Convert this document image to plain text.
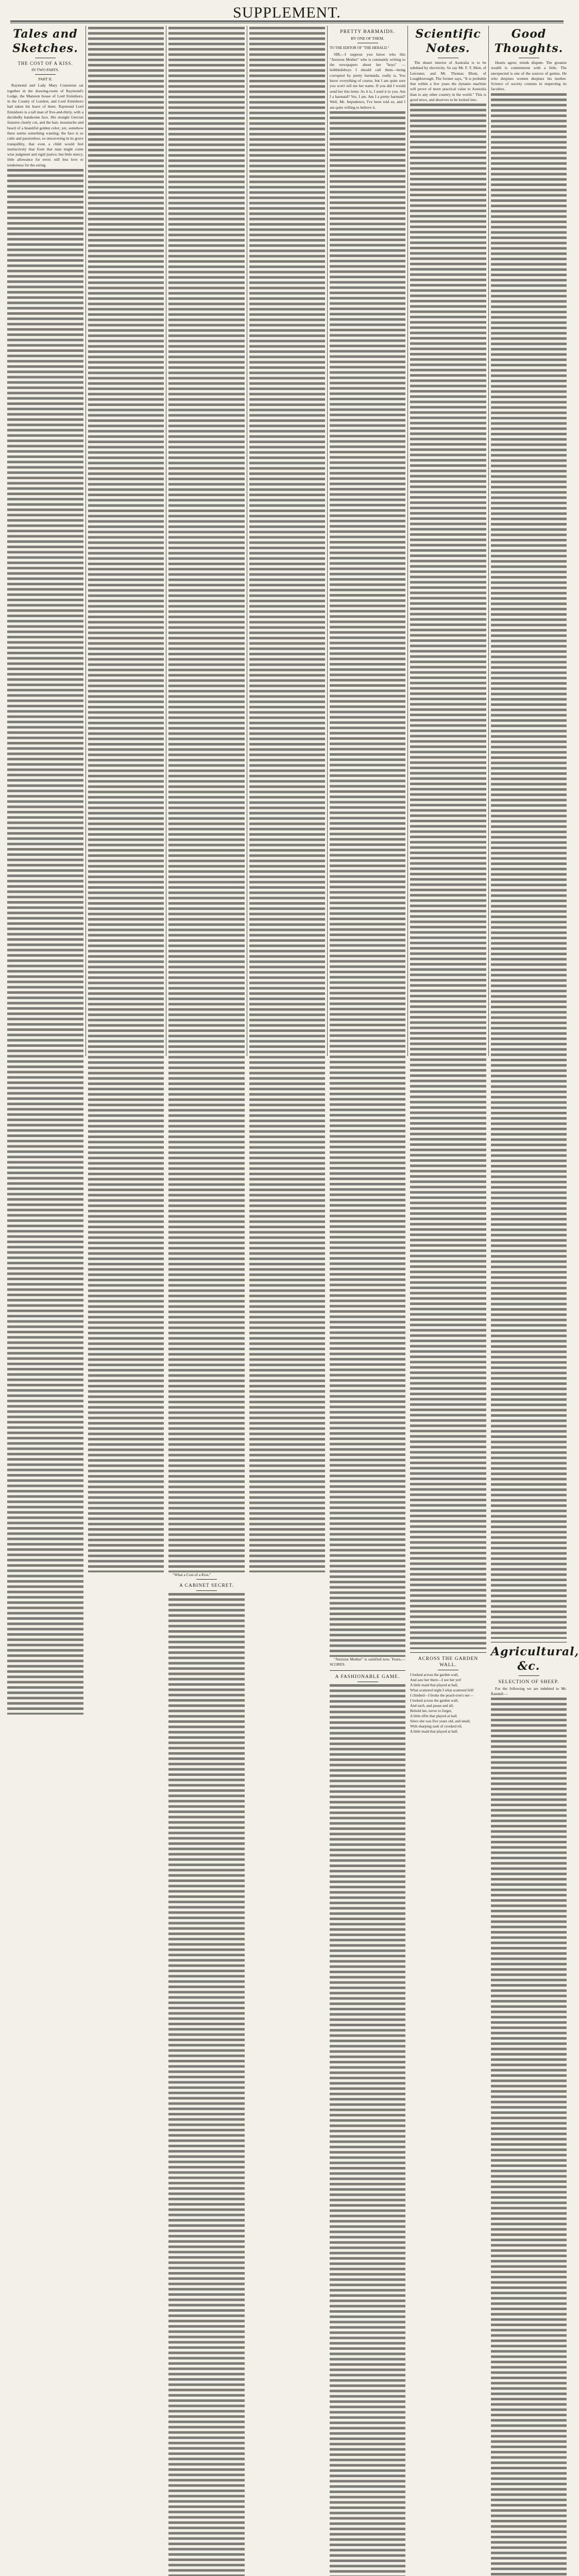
SUPPLEMENT.
Tales and Sketches.
THE COST OF A KISS.
IN TWO PARTS.
PART II.

Raymond and Lady Mary Cranstoun sat together in the drawing-room of Raymond's Lodge, the Mansion house of Lord Ennisboro, in the County of London, and Lord Ennisboro had taken his leave of them. Raymond Lord Ennisboro is a tall man of five-and-thirty, with a decidedly handsome face. His straight Grecian features clearly cut, and the hair, moustache and beard of a beautiful golden color; yet, somehow there seems something wanting; the face is so calm and passionless, so unwavering in its grave tranquillity, that even a child would feel instinctively that from that man might come wise judgment and rigid justice; but little mercy, little allowance for error; still less love or tenderness for the erring.

"What a Cost of a Kiss."

A CABINET SECRET.
PRETTY BARMAIDS.
BY ONE OF THEM.
TO THE EDITOR OF "THE HERALD."

SIR,—I suppose you know who this "Anxious Mother" who is constantly writing to the newspapers about her "boys" —hobbledehoys I should call them—being corrupted by pretty barmaids, really is. You know everything of course, but I am quite sure you won't tell me her name. If you did I would send her this letter. As it is, I send it to you. Am I a barmaid? Yes, I am. Am I a pretty barmaid? Well, Mr. Impudence, I've been told so, and I am quite willing to believe it.

"Anxious Mother" is satisfied now. Yours,—SCORES.

A FASHIONABLE GAME.
Scientific Notes.

The desert interior of Australia is to be subdued by electricity. So say Mr. F. T. Mott, of Leicester, and Mr. Thomas Blunt, of Loughborough. The former says, "It is probable that within a few years the dynamo machine will prove of more practical value to Australia than to any other country in the world." This is good news, and deserves to be looked into.

ACROSS THE GARDEN WALL.
I looked across the garden wall,
And saw her there—I see her yet!
A little maid that played at ball,
What scattered night I what scattered fell!
I climbed—I broke the peach-tree's net—
I looked across the garden wall,
And each, and pause and all,
Behold her, never to forget,
A little elfin that played at ball.
Since she was five years old, and small,
With sharping sash of crooked ell,
A little maid that played at ball.
Good Thoughts.

Hearts agree; minds dispute. The greatest wealth is contentment with a little. The unexpected is one of the sources of genius. He who despises women despises his mother. Science of society consists in respecting its faculties.

Agricultural, &c.
SELECTION OF SHEEP.

For the following we are indebted to Mr. Randall:—
